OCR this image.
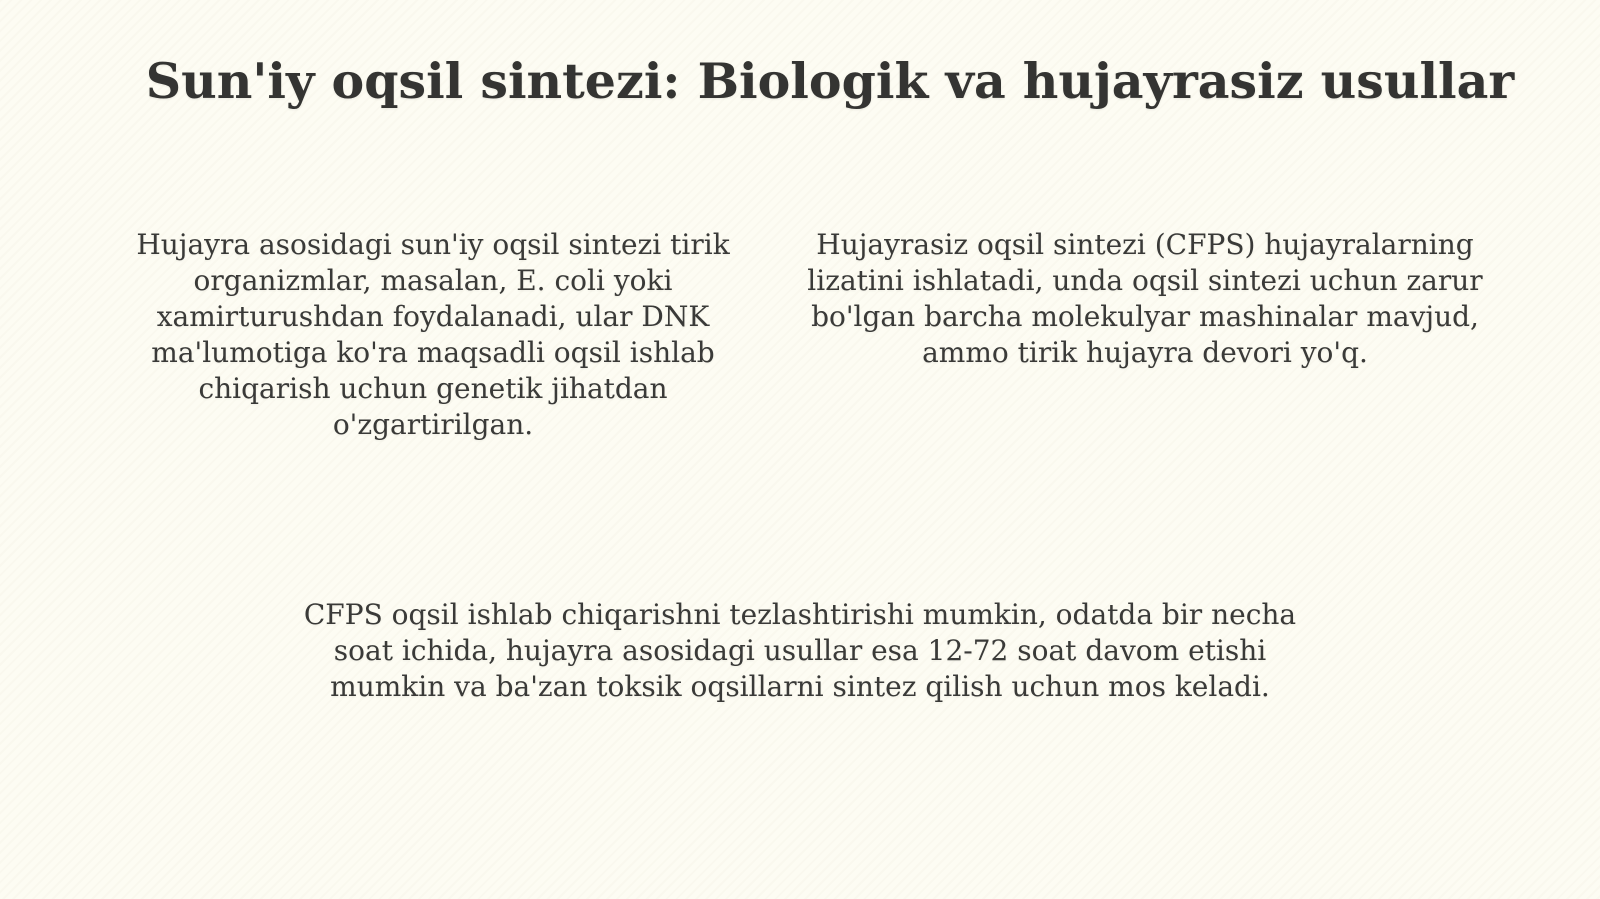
Sun'iy oqsil sintezi: Biologik va hujayrasiz usullar

Hujayra asosidagi sun'iy oqsil sintezi tirik organizmlar, masalan, E. coli yoki xamirturushdan foydalanadi, ular DNK ma'lumotiga ko'ra maqsadli oqsil ishlab chiqarish uchun genetik jihatdan o'zgartirilgan.

Hujayrasiz oqsil sintezi (CFPS) hujayralarning lizatini ishlatadi, unda oqsil sintezi uchun zarur bo'lgan barcha molekulyar mashinalar mavjud, ammo tirik hujayra devori yo'q.

CFPS oqsil ishlab chiqarishni tezlashtirishi mumkin, odatda bir necha soat ichida, hujayra asosidagi usullar esa 12-72 soat davom etishi mumkin va ba'zan toksik oqsillarni sintez qilish uchun mos keladi.
